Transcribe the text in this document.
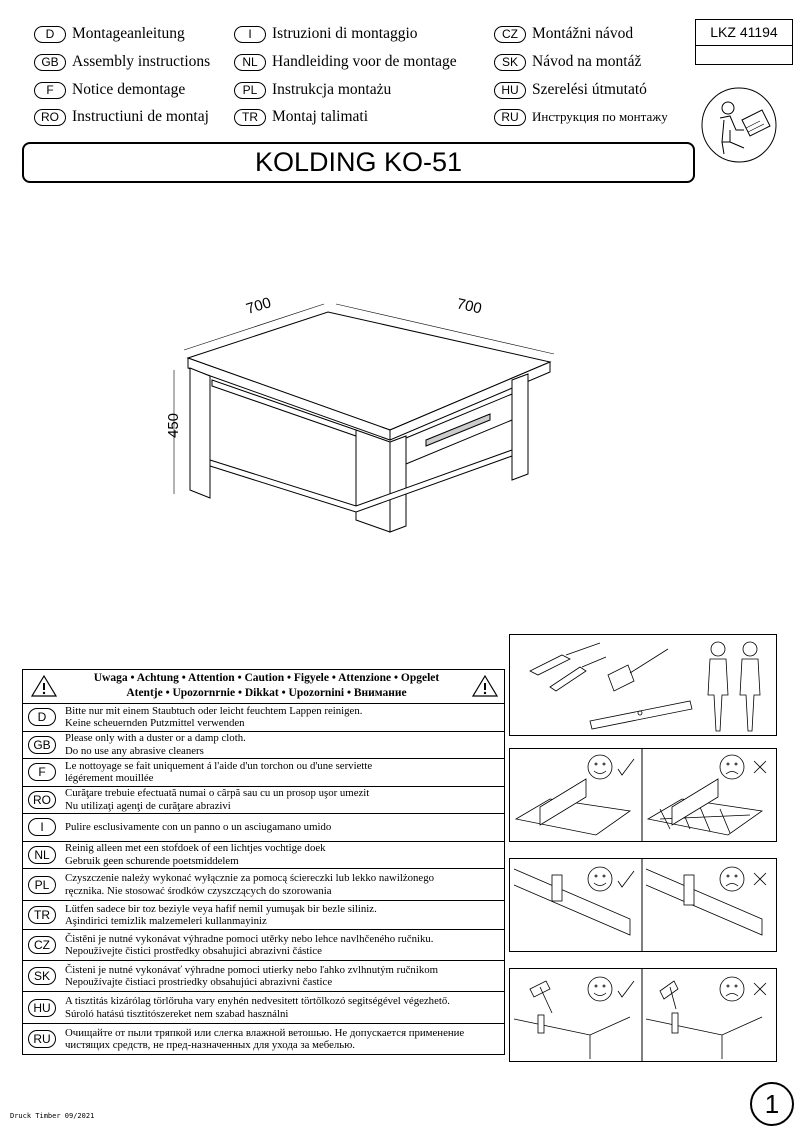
D	Montageanleitung
GB Assembly instructions
F	Notice demontage
RO Instructiuni de montaj
I	Istruzioni di montaggio
NL Handleiding voor de montage
PL Instrukcja montażu
TR Montaj talimati
CZ Montážni návod
SK Návod na montáž
HU Szerelési útmutató
RU	Инструкция по монтажу
LKZ 41194
KOLDING KO-51
700	700
450
Uwaga • Achtung • Attention • Caution • Figyele • Attenzione • Opgelet
Atentje • Upozornrnie • Dikkat • Upozornini • Внимание
D	Bitte nur mit einem Staubtuch oder leicht feuchtem Lappen reinigen.
Keine scheuernden Putzmittel verwenden
GB	Please only with a duster or a damp cloth.
Do no use any abrasive cleaners
F	Le nottoyage se fait uniquement á l'aide d'un torchon ou d'une serviette
légérement mouillée
RO	Curăţare trebuie efectuată numai o cârpă sau cu un prosop uşor umezit
Nu utilizaţi agenţi de curăţare abrazivi
I	Pulire esclusivamente con un panno o un asciugamano umido
NL	Reinig alleen met een stofdoek of een lichtjes vochtige doek
Gebruik geen schurende poetsmiddelem
PL	Czyszczenie należy wykonać wyłącznie za pomocą ściereczki lub lekko nawilżonego
ręcznika. Nie stosować środków czyszczących do szorowania
TR	Lütfen sadece bir toz beziyle veya hafif nemil yumuşak bir bezle siliniz.
Aşindirici temizlik malzemeleri kullanmayiniz
CZ	Čistěni je nutné vykonávat výhradne pomoci utěrky nebo lehce navlhčeného ručniku.
Nepouživejte čistici prostředky obsahujici abrazivni částice
SK	Čisteni je nutné vykonávať výhradne pomoci utierky nebo ľahko zvlhnutým ručnikom
Nepoužívajte čistiaci prostriedky obsahujúci abrazivni častice
HU	A tisztitás kizárólag törlőruha vary enyhén nedvesitett törtőlkozó segitségével végezhető.
Súroló hatású tisztitószereket nem szabad használni
RU	Очищайте от пыли тряпкой или слегка влажной ветошью. Не допускается применение
чистящих средств, не пред-назначенных для ухода за мебелью.
Druck Timber 09/2021	1
